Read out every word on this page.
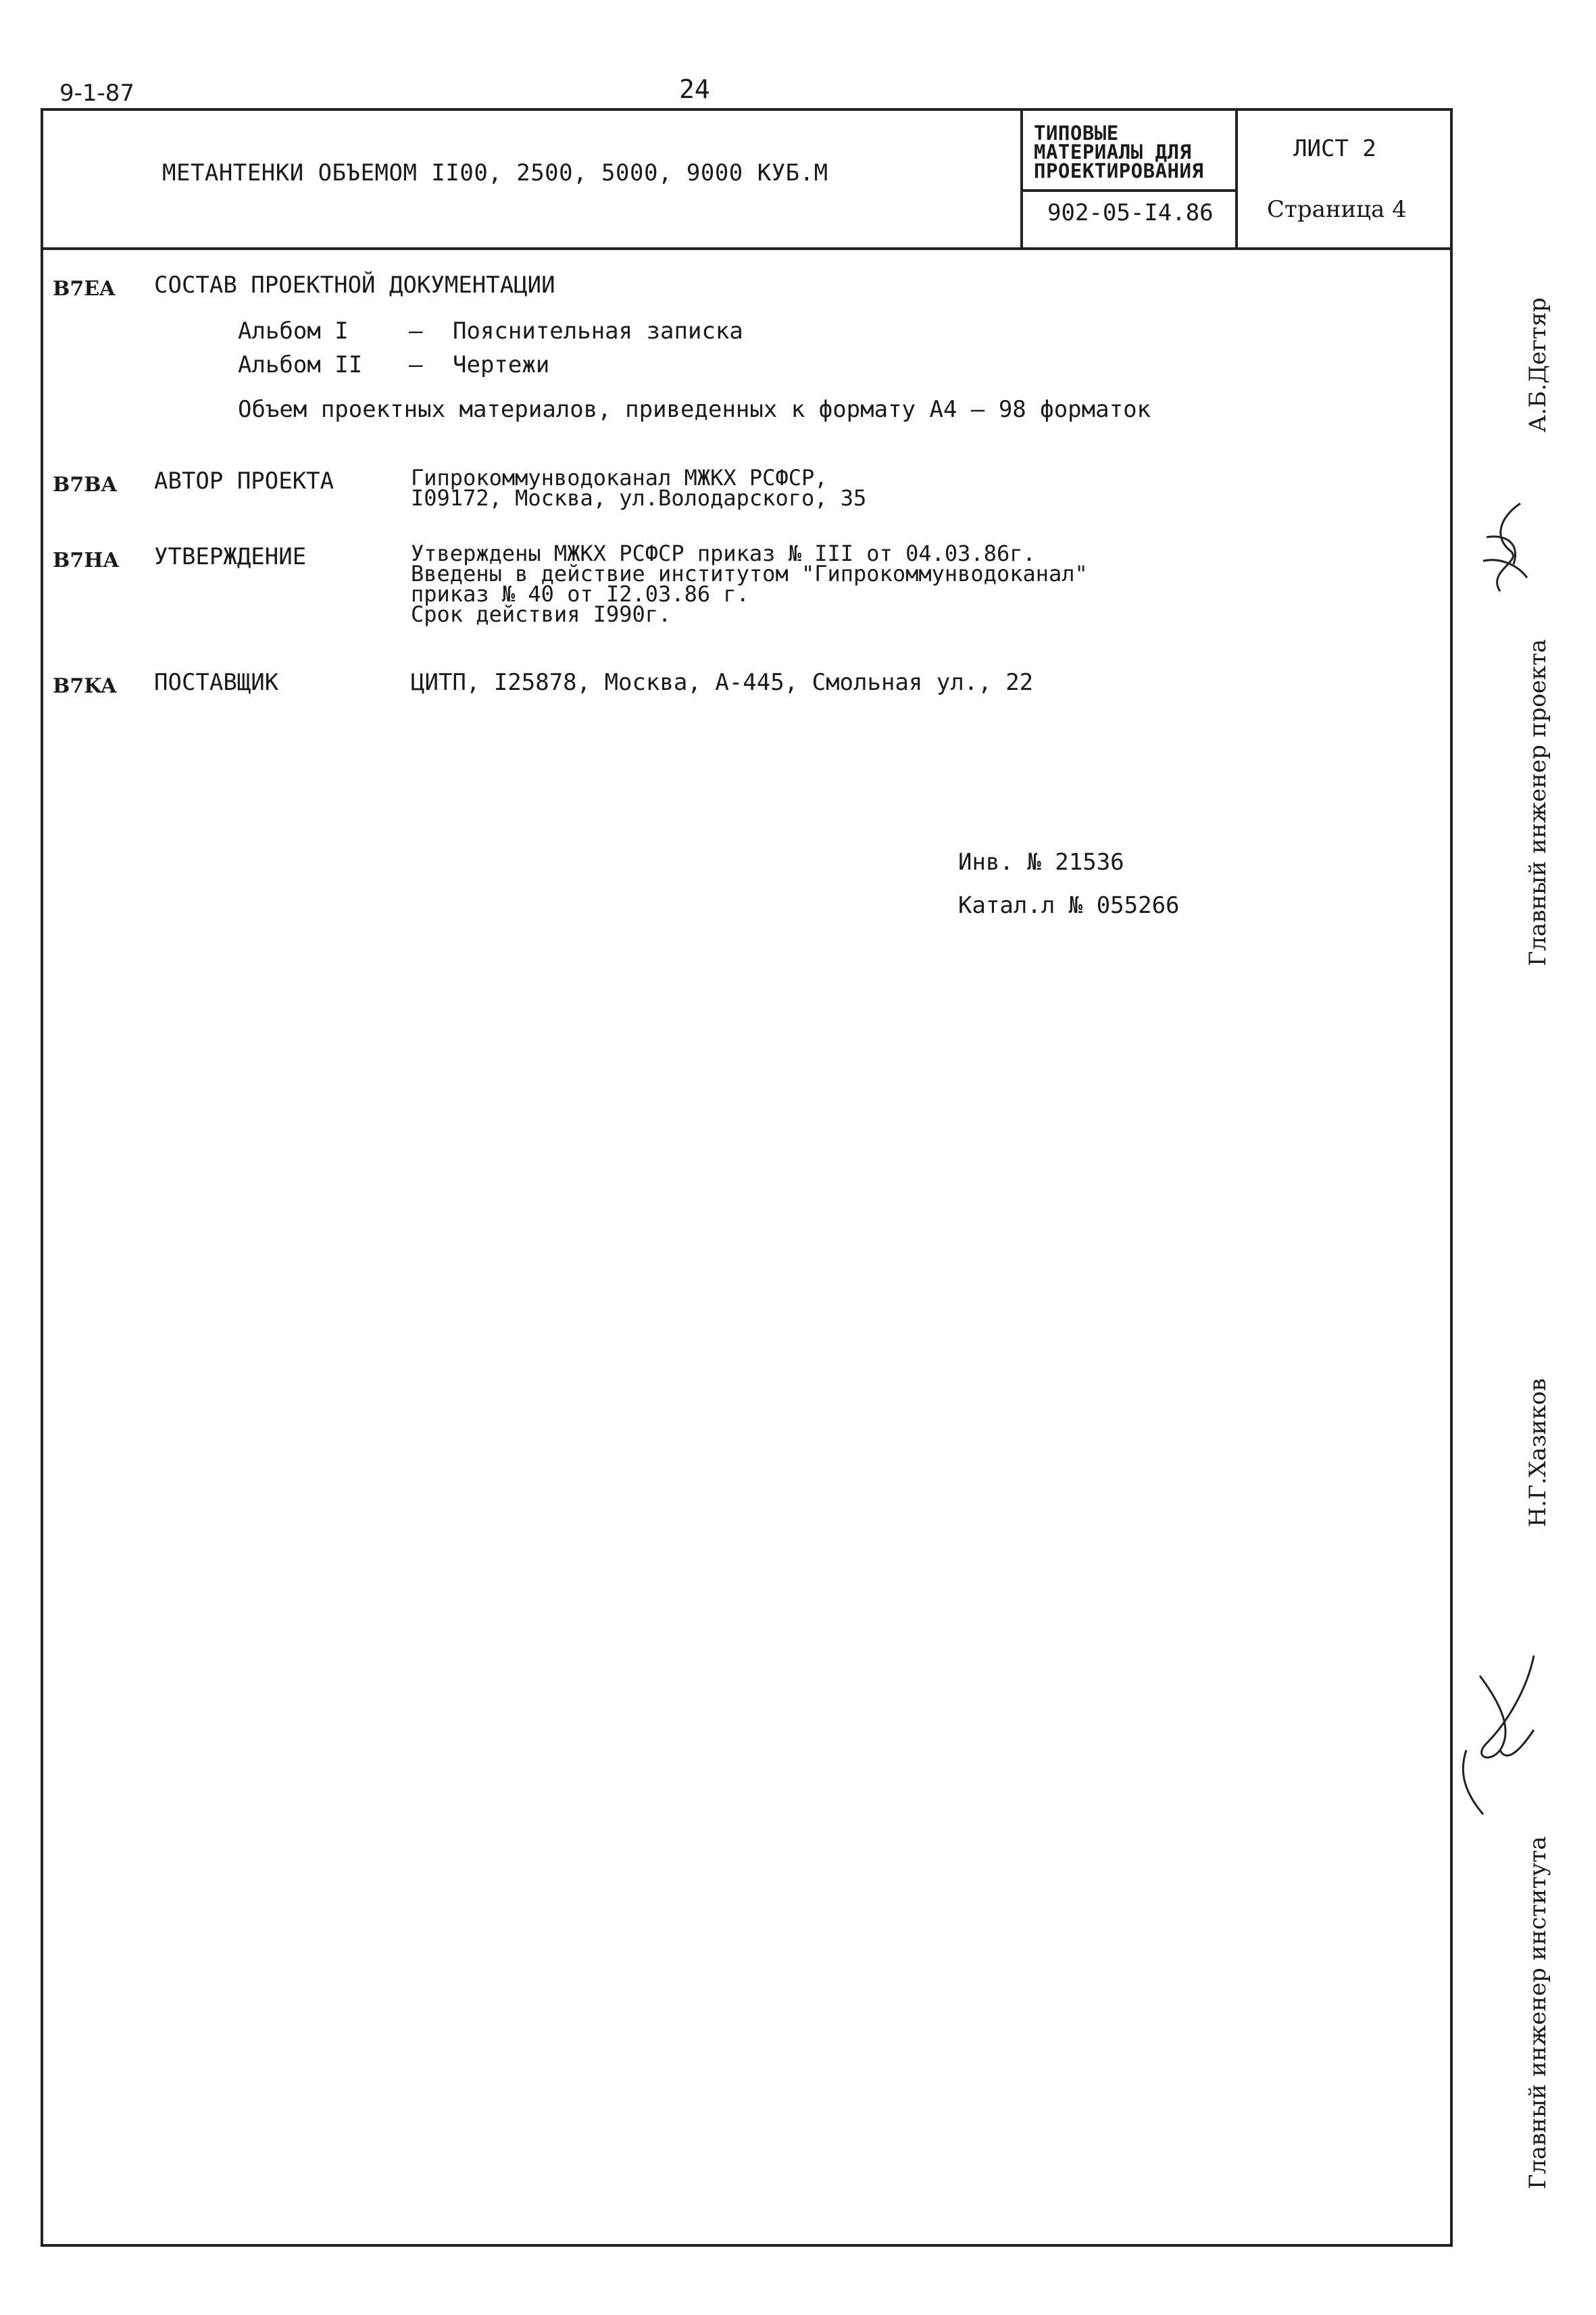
9-1-87	24
МЕТАНТЕНКИ ОБЪЕМОМ II00, 2500, 5000, 9000 КУБ.М
ТИПОВЫЕ
МАТЕРИАЛЫ ДЛЯ
ПРОЕКТИРОВАНИЯ
902-05-I4.86
ЛИСТ 2
Страница 4
B7EA СОСТАВ ПРОЕКТНОЙ ДОКУМЕНТАЦИИ
Альбом I	– Пояснительная записка
Альбом II – Чертежи
Объем проектных материалов, приведенных к формату А4 – 98 форматок
B7BA АВТОР ПРОЕКТА	Гипрокоммунводоканал МЖКХ РСФСР,
I09172, Москва, ул.Володарского, 35
B7HA УТВЕРЖДЕНИЕ	Утверждены МЖКХ РСФСР приказ № III от 04.03.86г.
Введены в действие институтом "Гипрокоммунводоканал"
приказ № 40 от I2.03.86 г.
Срок действия I990г.
B7KA ПОСТАВЩИК	ЦИТП, I25878, Москва, А-445, Смольная ул., 22
Инв. № 21536
Катал.л № 055266	Главный инженер проекта
А.Б.Дегтяр
Н.Г.Хазиков
Главный инженер института
